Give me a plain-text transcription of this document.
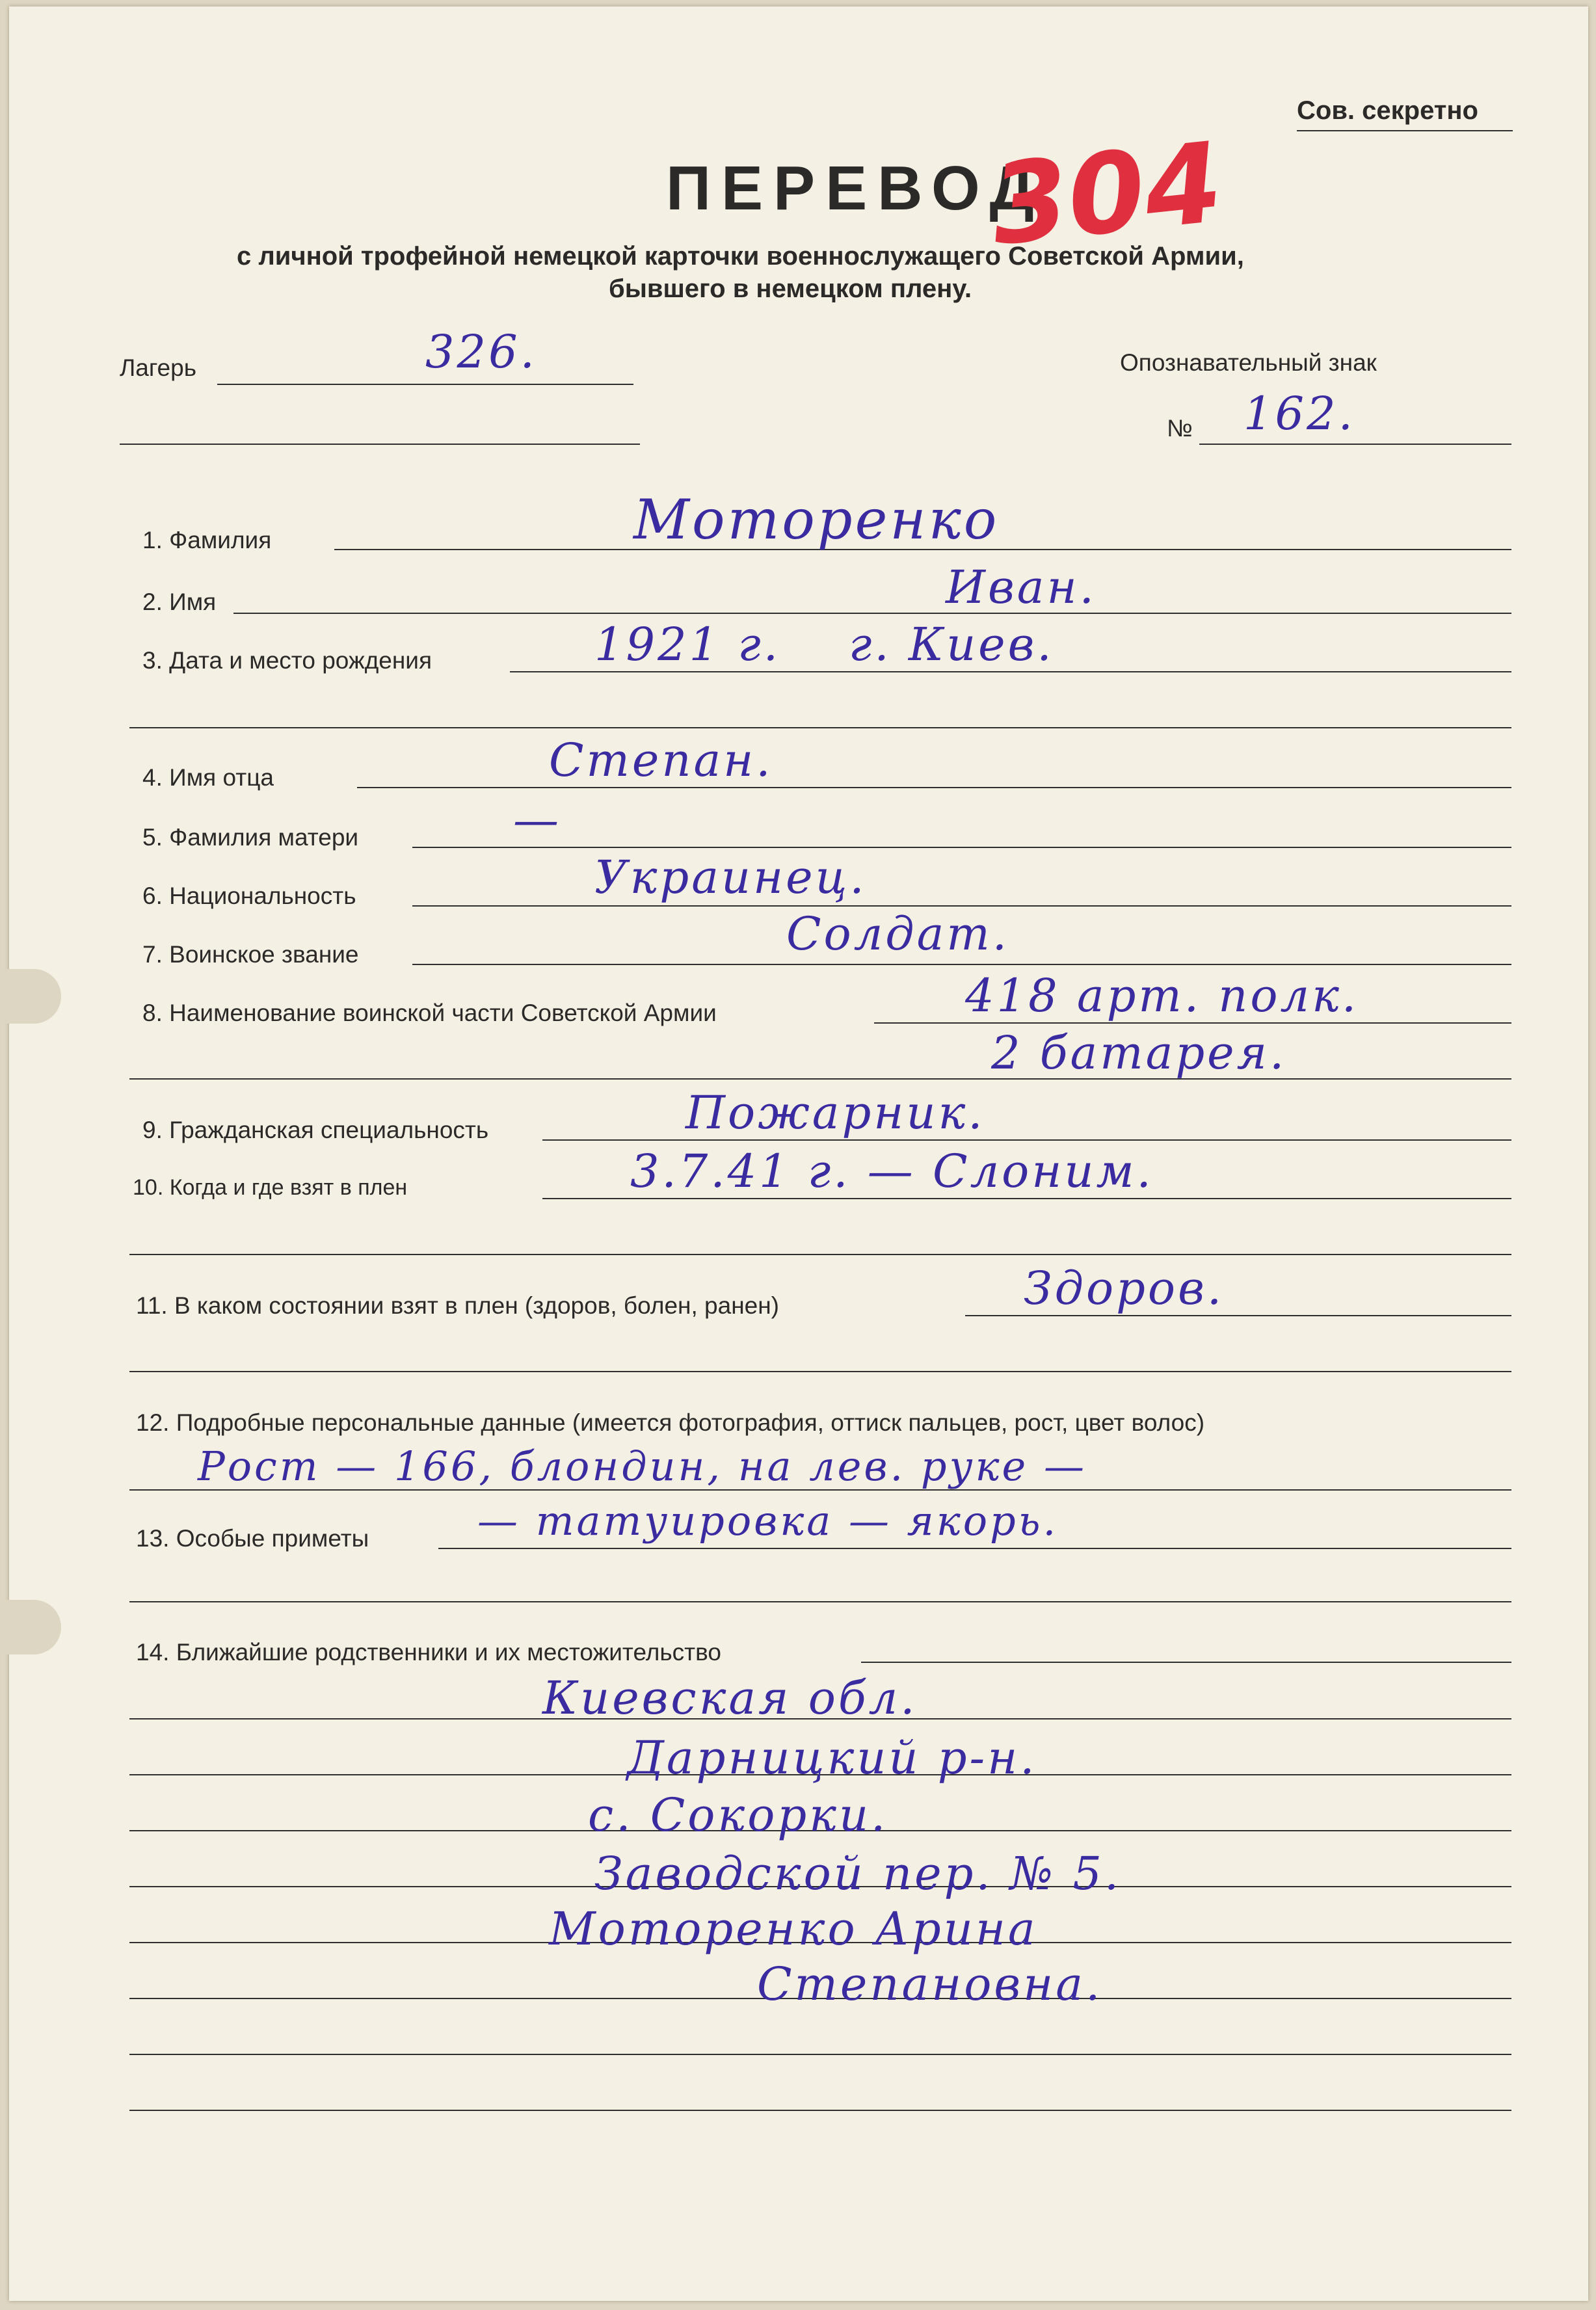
Сов. секретно
ПЕРЕВОД
с личной трофейной немецкой карточки военнослужащего Советской Армии,
бывшего в немецком плену.
304
Лагерь	326.	Опознавательный знак
№ 162.
1. Фамилия	Моторенко
2. Имя	Иван.
3. Дата и место рождения	1921 г.    г. Киев.
4. Имя отца	Степан.
5. Фамилия матери	—
6. Национальность	Украинец.
7. Воинское звание	Солдат.
8. Наименование воинской части Советской Армии	418 арт. полк.
2 батарея.
9. Гражданская специальность	Пожарник.
10. Когда и где взят в плен	3.7.41 г. — Слоним.
11. В каком состоянии взят в плен (здоров, болен, ранен)	Здоров.
12. Подробные персональные данные (имеется фотография, оттиск пальцев, рост, цвет волос)
Рост — 166, блондин, на лев. руке —
13. Особые приметы	— татуировка — якорь.
14. Ближайшие родственники и их местожительство
Киевская обл.
Дарницкий р-н.
с. Сокорки.
Заводской пер. № 5.
Моторенко Арина
Степановна.
